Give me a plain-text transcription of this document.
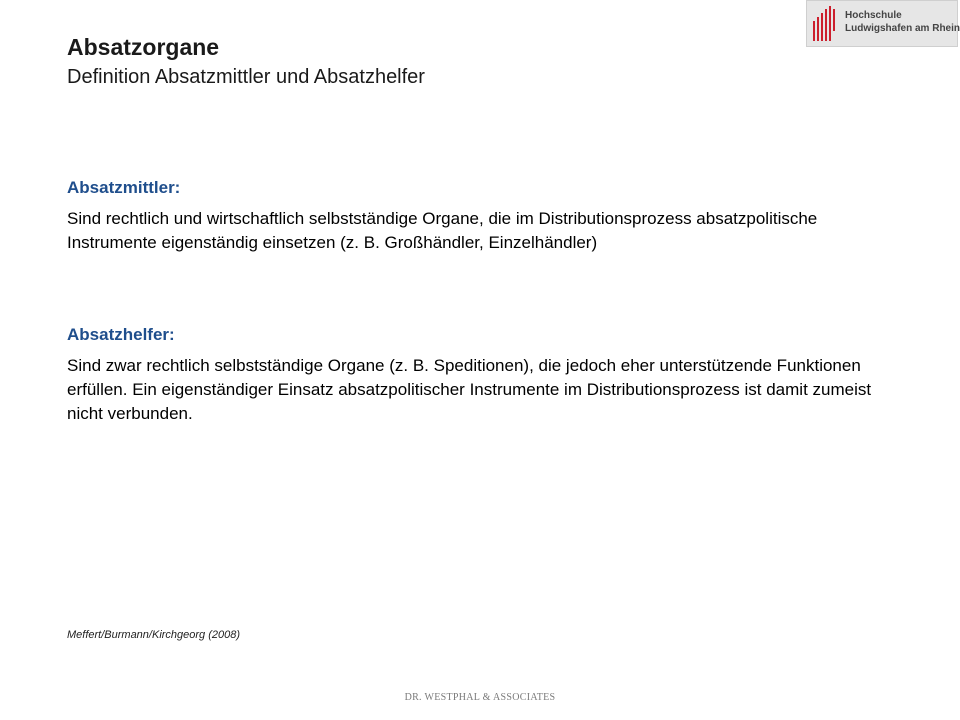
Absatzorgane
Definition Absatzmittler und Absatzhelfer
Hochschule
Ludwigshafen am Rhein
Absatzmittler:

Sind rechtlich und wirtschaftlich selbstständige Organe, die im Distributionsprozess absatzpolitische Instrumente eigenständig einsetzen (z. B. Großhändler, Einzelhändler)

Absatzhelfer:

Sind zwar rechtlich selbstständige Organe (z. B. Speditionen), die jedoch eher unterstützende Funktionen erfüllen. Ein eigenständiger Einsatz absatzpolitischer Instrumente im Distributionsprozess ist damit zumeist nicht verbunden.

Meffert/Burmann/Kirchgeorg (2008)
DR. WESTPHAL & ASSOCIATES
